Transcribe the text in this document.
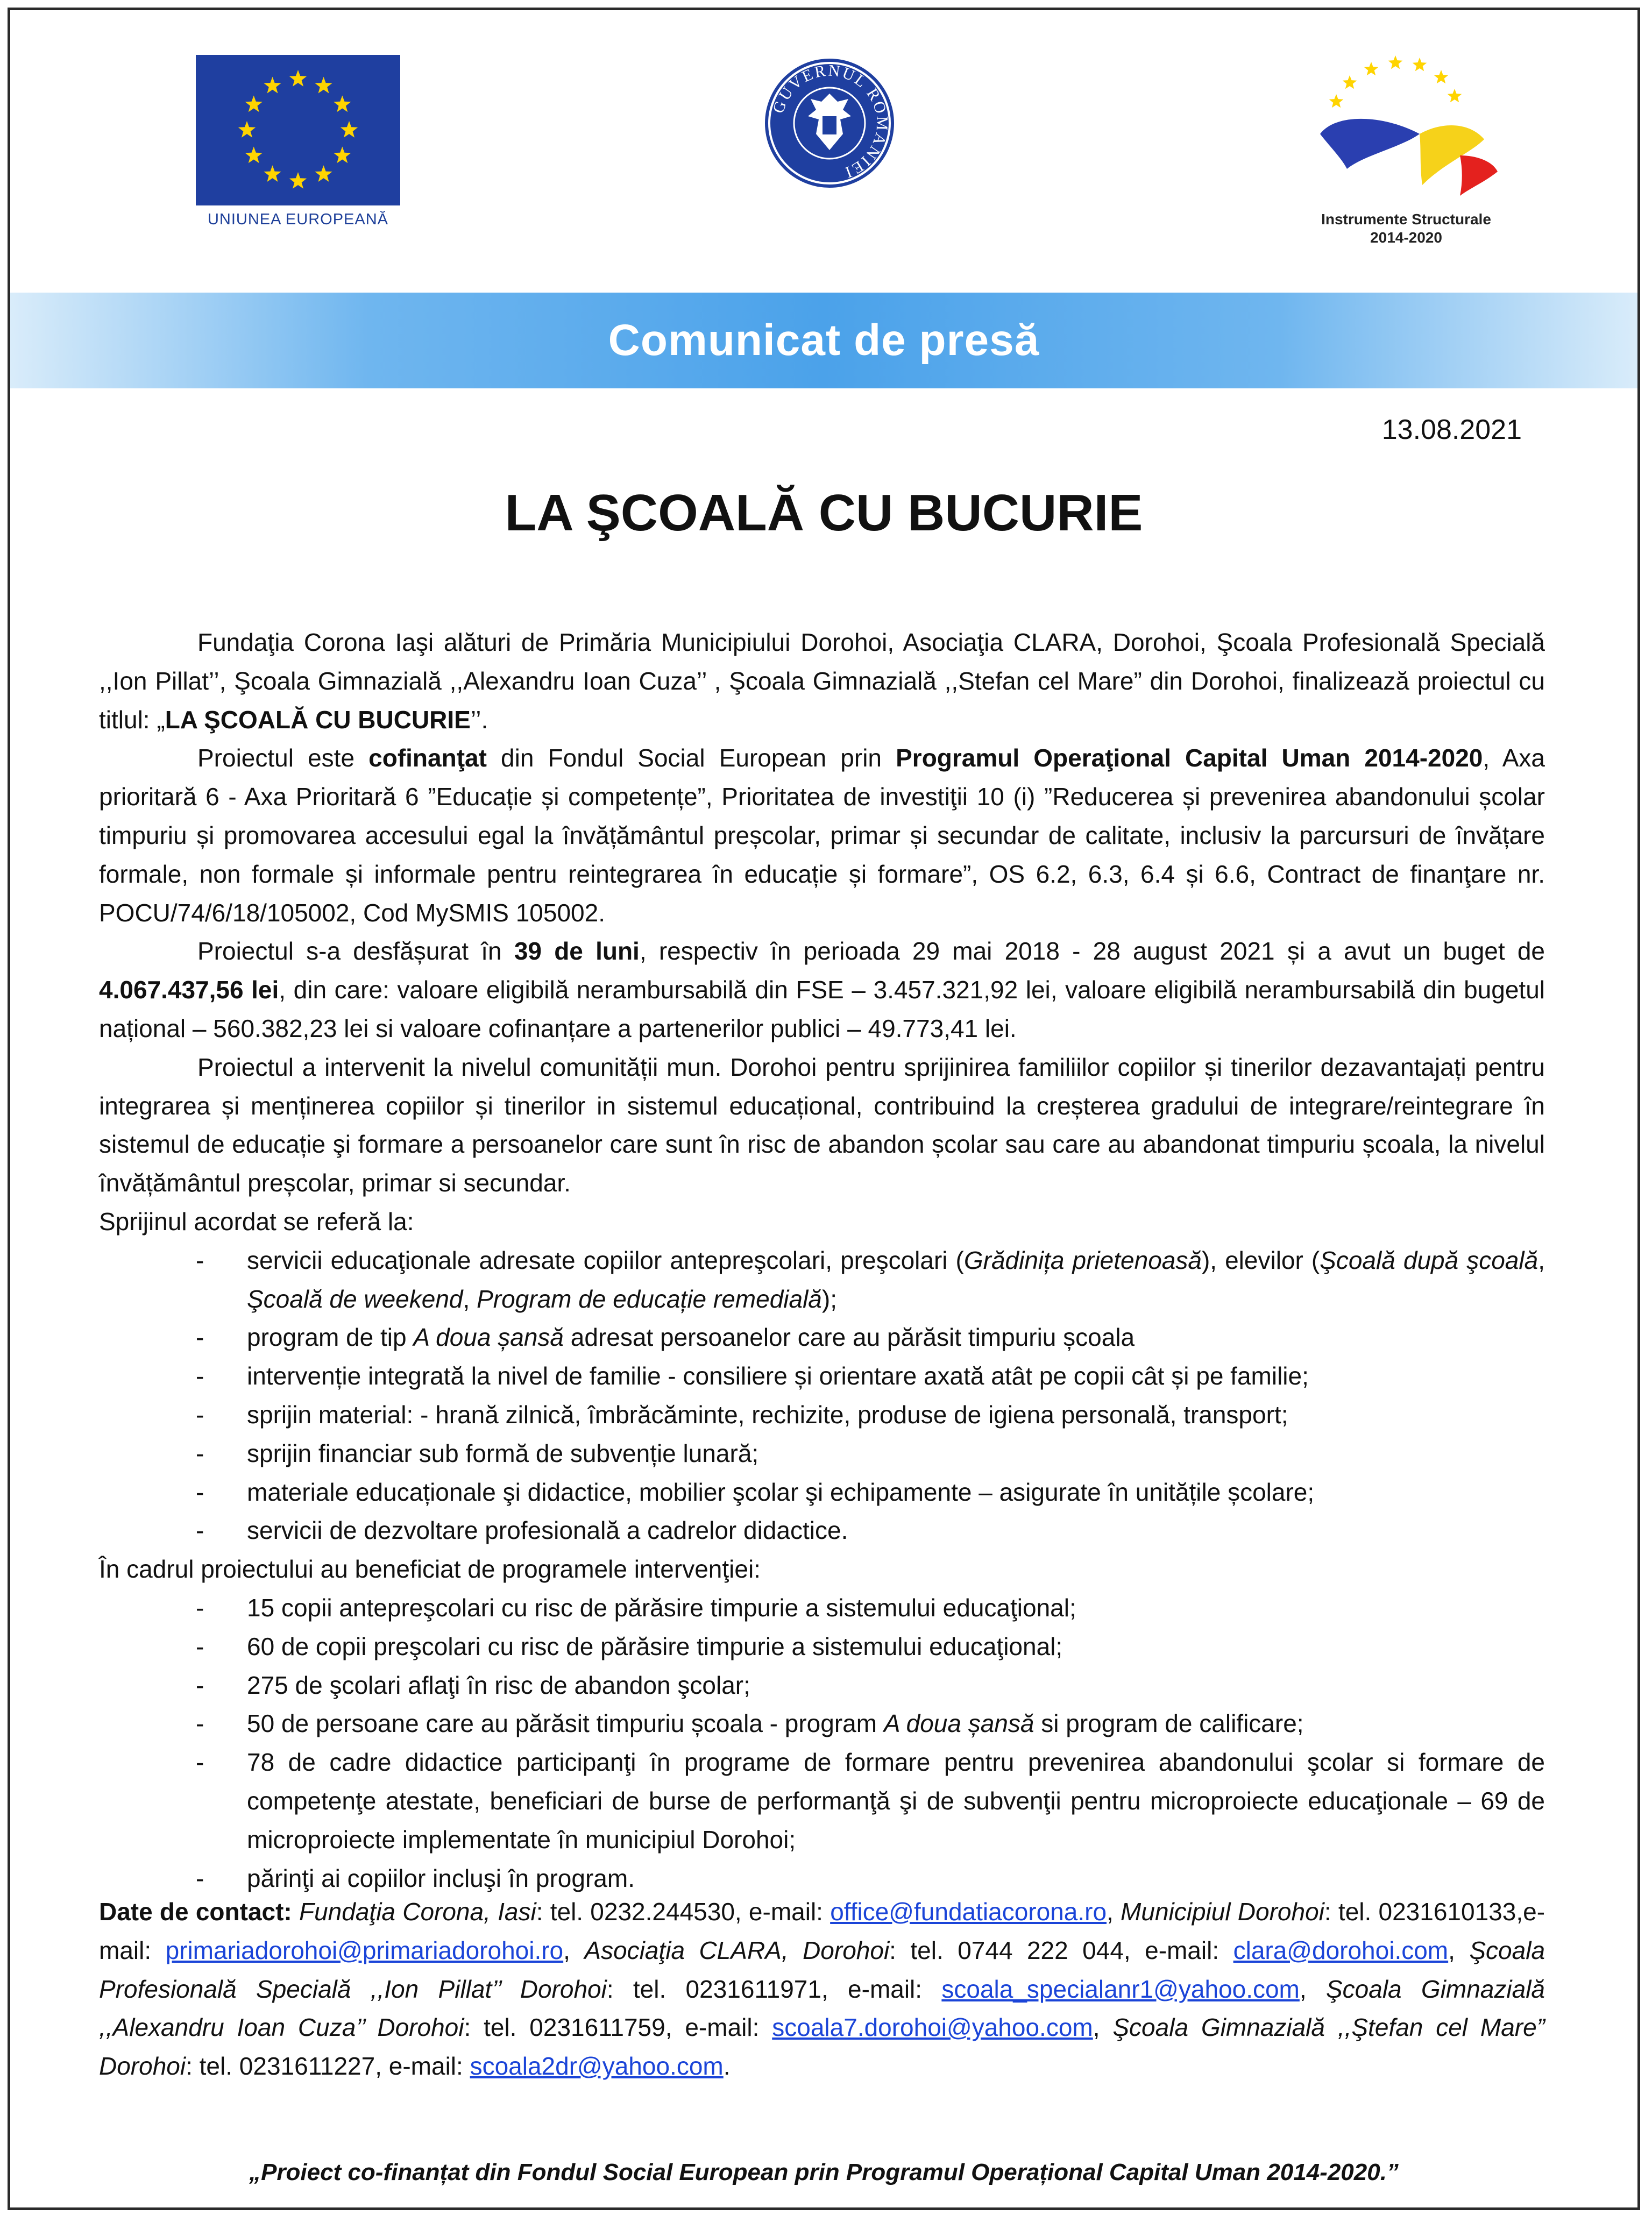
UNIUNEA EUROPEANĂ
GUVERNUL ROMÂNIEI
Instrumente Structurale
2014-2020
Comunicat de presă
13.08.2021
LA ŞCOALĂ CU BUCURIE

Fundaţia Corona Iaşi alături de Primăria Municipiului Dorohoi, Asociaţia CLARA, Dorohoi, Şcoala Profesională Specială ,,Ion Pillat’’, Şcoala Gimnazială ,,Alexandru Ioan Cuza’’ , Şcoala Gimnazială ,,Stefan cel Mare” din Dorohoi, finalizează proiectul cu titlul: „LA ŞCOALĂ CU BUCURIE’’.

Proiectul este cofinanţat din Fondul Social European prin Programul Operaţional Capital Uman 2014-2020, Axa prioritară 6 - Axa Prioritară 6 ”Educație și competențe”, Prioritatea de investiţii 10 (i) ”Reducerea și prevenirea abandonului școlar timpuriu și promovarea accesului egal la învățământul preșcolar, primar și secundar de calitate, inclusiv la parcursuri de învățare formale, non formale și informale pentru reintegrarea în educație și formare”, OS 6.2, 6.3, 6.4 și 6.6, Contract de finanţare nr. POCU/74/6/18/105002, Cod MySMIS 105002.

Proiectul s-a desfășurat în 39 de luni, respectiv în perioada 29 mai 2018 - 28 august 2021 și a avut un buget de 4.067.437,56 lei, din care: valoare eligibilă nerambursabilă din FSE – 3.457.321,92 lei, valoare eligibilă nerambursabilă din bugetul național – 560.382,23 lei si valoare cofinanțare a partenerilor publici – 49.773,41 lei.

Proiectul a intervenit la nivelul comunității mun. Dorohoi pentru sprijinirea familiilor copiilor și tinerilor dezavantajați pentru integrarea și menținerea copiilor și tinerilor in sistemul educațional, contribuind la creșterea gradului de integrare/reintegrare în sistemul de educație şi formare a persoanelor care sunt în risc de abandon școlar sau care au abandonat timpuriu școala, la nivelul învățământul preșcolar, primar si secundar.

Sprijinul acordat se referă la:

- servicii educaţionale adresate copiilor antepreşcolari, preşcolari (Grădinița prietenoasă), elevilor (Şcoală după şcoală, Şcoală de weekend, Program de educație remedială);
- program de tip A doua șansă adresat persoanelor care au părăsit timpuriu școala
- intervenție integrată la nivel de familie - consiliere și orientare axată atât pe copii cât și pe familie;
- sprijin material: - hrană zilnică, îmbrăcăminte, rechizite, produse de igiena personală, transport;
- sprijin financiar sub formă de subvenție lunară;
- materiale educaționale şi didactice, mobilier şcolar şi echipamente – asigurate în unitățile școlare;
- servicii de dezvoltare profesională a cadrelor didactice.

În cadrul proiectului au beneficiat de programele intervenţiei:

- 15 copii antepreşcolari cu risc de părăsire timpurie a sistemului educaţional;
- 60 de copii preşcolari cu risc de părăsire timpurie a sistemului educaţional;
- 275 de şcolari aflaţi în risc de abandon şcolar;
- 50 de persoane care au părăsit timpuriu școala - program A doua șansă si program de calificare;
- 78 de cadre didactice participanţi în programe de formare pentru prevenirea abandonului şcolar si formare de competenţe atestate, beneficiari de burse de performanţă şi de subvenţii pentru microproiecte educaţionale – 69 de microproiecte implementate în municipiul Dorohoi;
- părinţi ai copiilor incluşi în program.
Date de contact: Fundaţia Corona, Iasi: tel. 0232.244530, e-mail: office@fundatiacorona.ro, Municipiul Dorohoi: tel. 0231610133,e-mail: primariadorohoi@primariadorohoi.ro, Asociaţia CLARA, Dorohoi: tel. 0744 222 044, e-mail: clara@dorohoi.com, Şcoala Profesională Specială ,,Ion Pillat’’ Dorohoi: tel. 0231611971, e-mail: scoala_specialanr1@yahoo.com, Şcoala Gimnazială ,,Alexandru Ioan Cuza’’ Dorohoi: tel. 0231611759, e-mail: scoala7.dorohoi@yahoo.com, Şcoala Gimnazială ,,Ştefan cel Mare” Dorohoi: tel. 0231611227, e-mail: scoala2dr@yahoo.com.
„Proiect co-finanțat din Fondul Social European prin Programul Operațional Capital Uman 2014-2020.”
